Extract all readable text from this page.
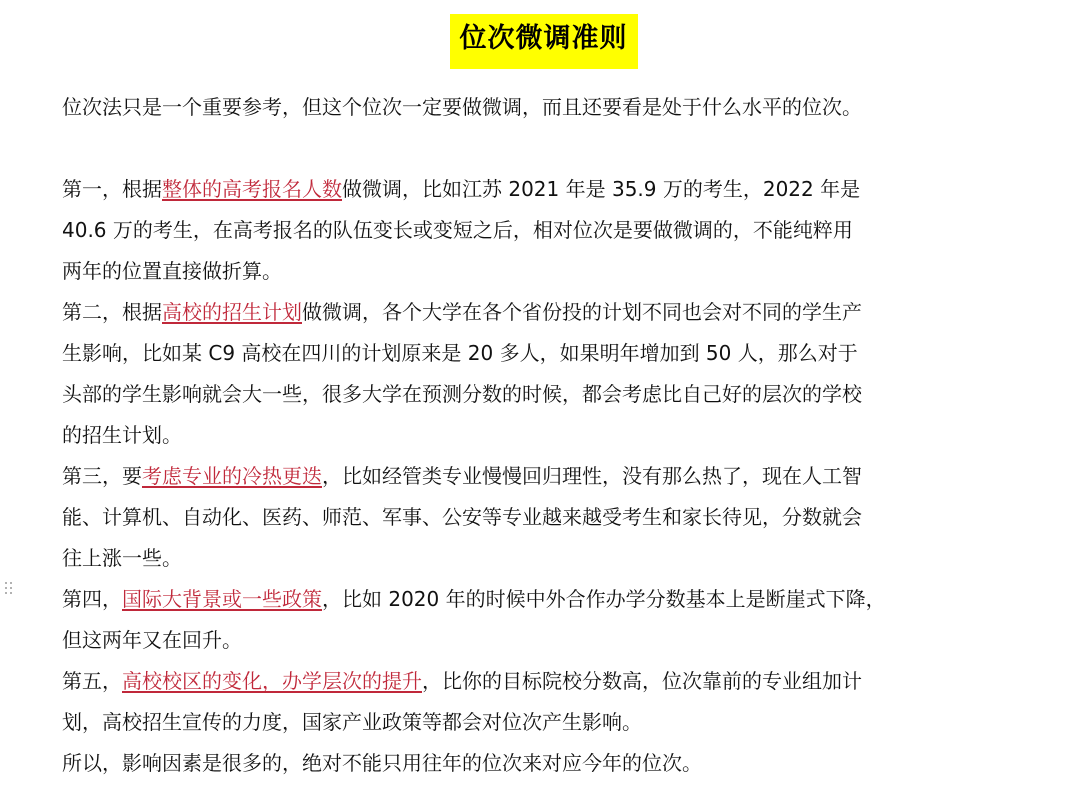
位次微调准则

位次法只是一个重要参考，但这个位次一定要做微调，而且还要看是处于什么水平的位次。

第一，根据整体的高考报名人数做微调，比如江苏 2021 年是 35.9 万的考生，2022 年是

40.6 万的考生，在高考报名的队伍变长或变短之后，相对位次是要做微调的，不能纯粹用

两年的位置直接做折算。

第二，根据高校的招生计划做微调，各个大学在各个省份投的计划不同也会对不同的学生产

生影响，比如某 C9 高校在四川的计划原来是 20 多人，如果明年增加到 50 人，那么对于

头部的学生影响就会大一些，很多大学在预测分数的时候，都会考虑比自己好的层次的学校

的招生计划。

第三，要考虑专业的冷热更迭，比如经管类专业慢慢回归理性，没有那么热了，现在人工智

能、计算机、自动化、医药、师范、军事、公安等专业越来越受考生和家长待见，分数就会

往上涨一些。

第四，国际大背景或一些政策，比如 2020 年的时候中外合作办学分数基本上是断崖式下降，

但这两年又在回升。

第五，高校校区的变化，办学层次的提升，比你的目标院校分数高，位次靠前的专业组加计

划，高校招生宣传的力度，国家产业政策等都会对位次产生影响。

所以，影响因素是很多的，绝对不能只用往年的位次来对应今年的位次。
